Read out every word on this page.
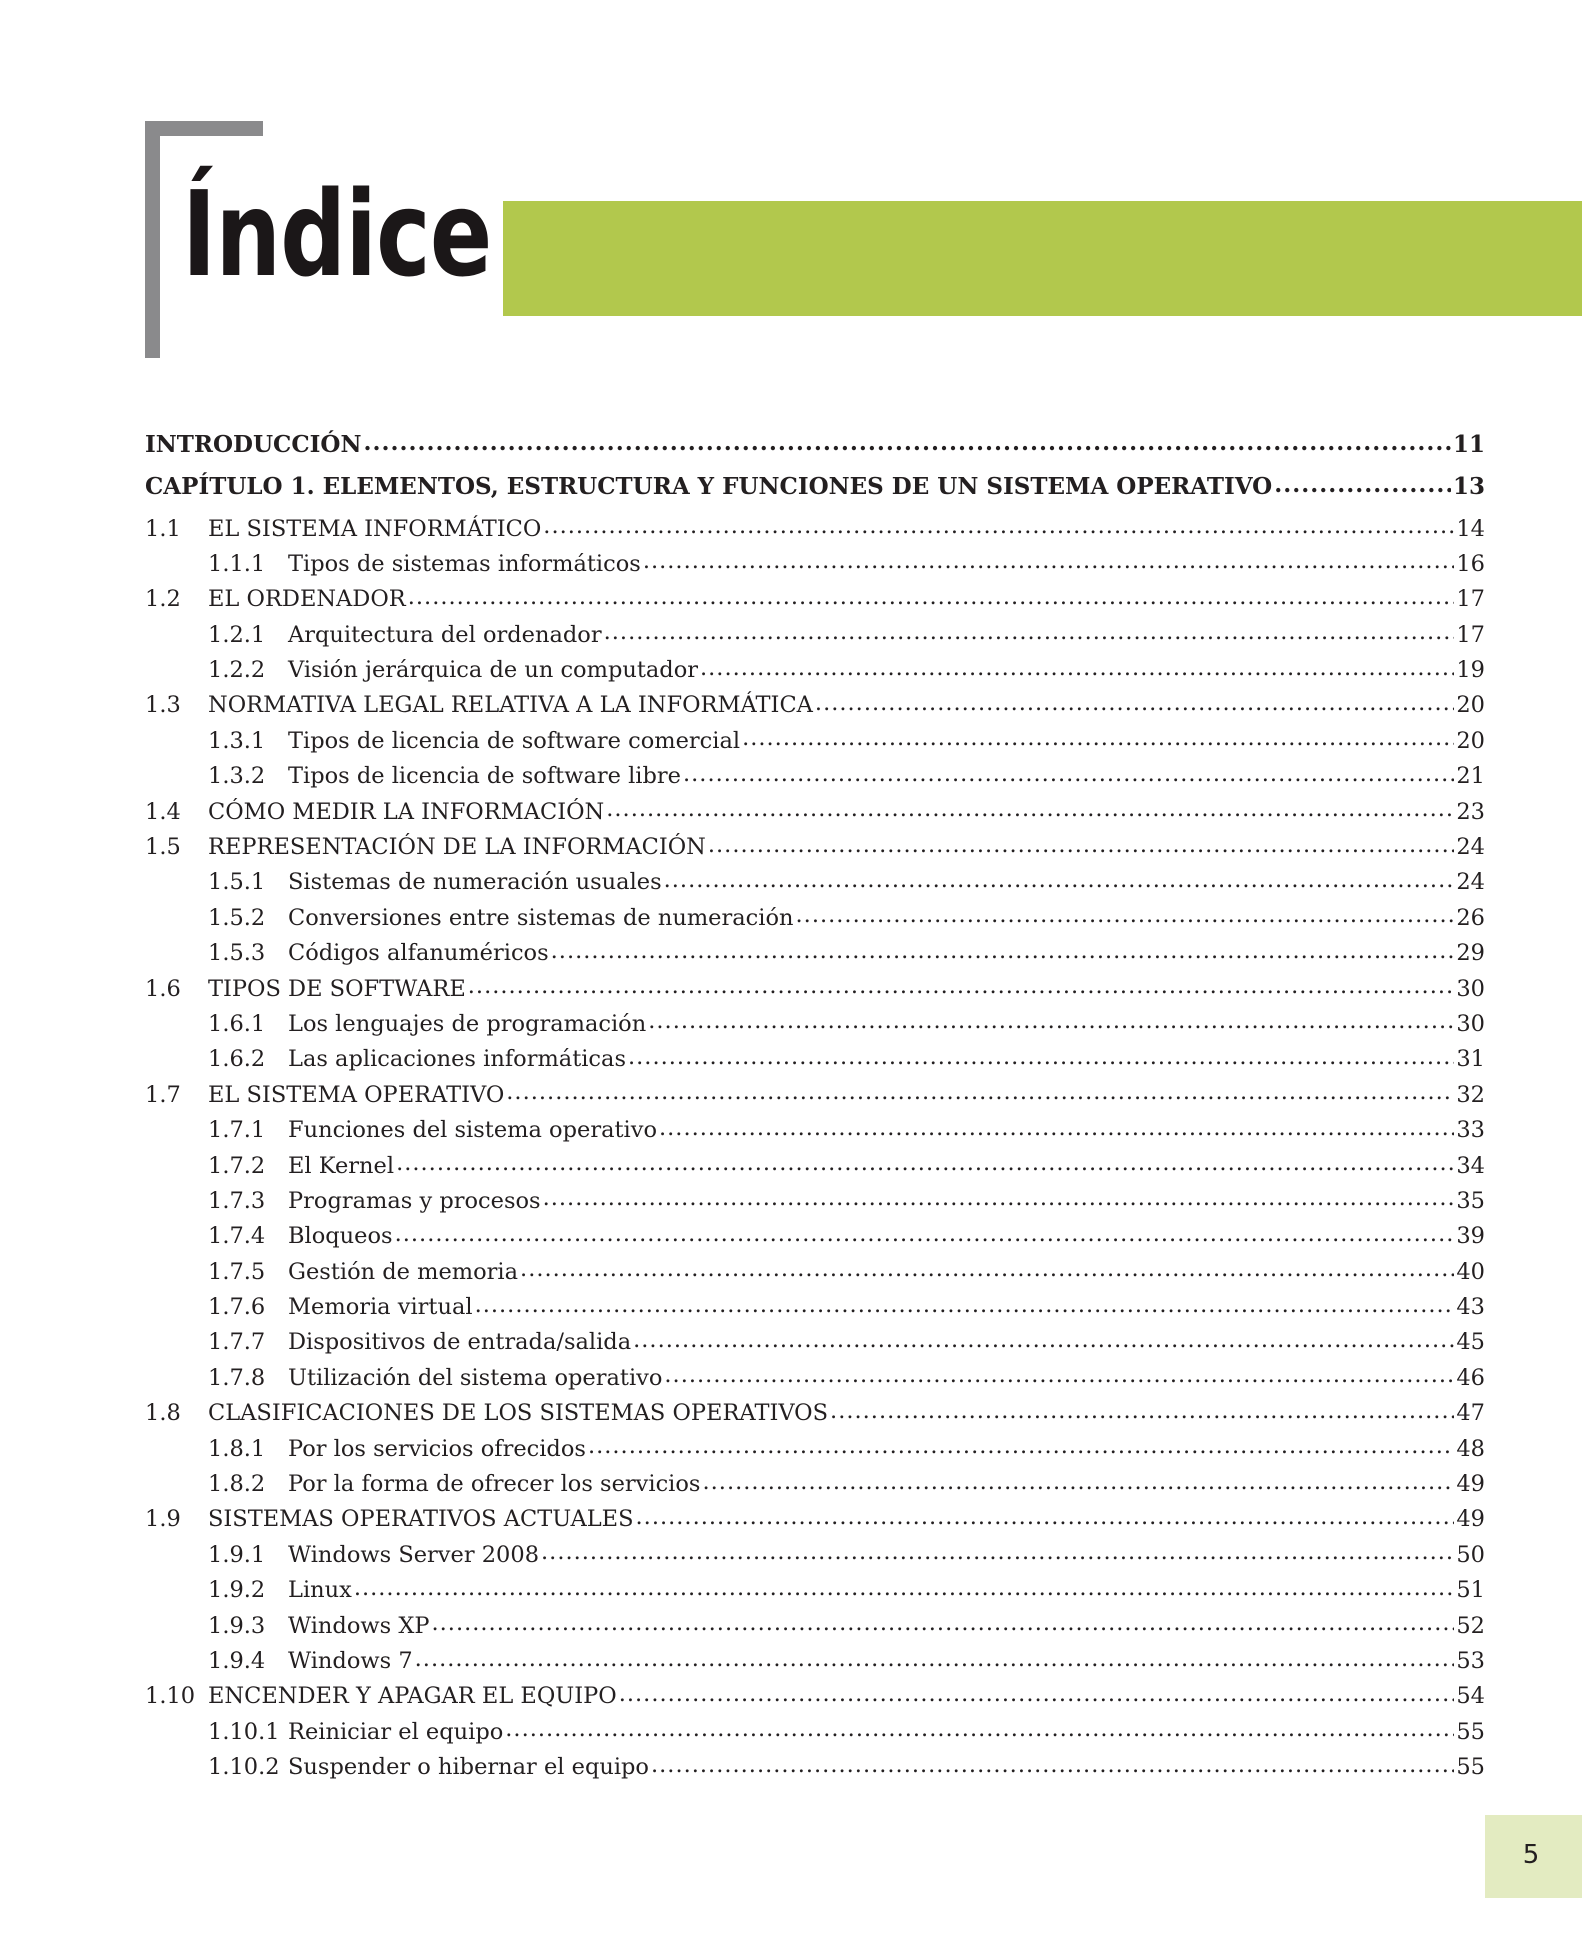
Índice
INTRODUCCIÓN .....	11
CAPÍTULO 1. ELEMENTOS, ESTRUCTURA Y FUNCIONES DE UN SISTEMA OPERATIVO .....	13
1.1	EL SISTEMA INFORMÁTICO .....	14
1.1.1	Tipos de sistemas informáticos .....	16
1.2	EL ORDENADOR .....	17
1.2.1	Arquitectura del ordenador .....	17
1.2.2	Visión jerárquica de un computador .....	19
1.3	NORMATIVA LEGAL RELATIVA A LA INFORMÁTICA .....	20
1.3.1	Tipos de licencia de software comercial .....	20
1.3.2	Tipos de licencia de software libre .....	21
1.4	CÓMO MEDIR LA INFORMACIÓN .....	23
1.5	REPRESENTACIÓN DE LA INFORMACIÓN .....	24
1.5.1	Sistemas de numeración usuales .....	24
1.5.2	Conversiones entre sistemas de numeración .....	26
1.5.3	Códigos alfanuméricos .....	29
1.6	TIPOS DE SOFTWARE .....	30
1.6.1	Los lenguajes de programación .....	30
1.6.2	Las aplicaciones informáticas .....	31
1.7	EL SISTEMA OPERATIVO .....	32
1.7.1	Funciones del sistema operativo .....	33
1.7.2	El Kernel .....	34
1.7.3	Programas y procesos .....	35
1.7.4	Bloqueos .....	39
1.7.5	Gestión de memoria .....	40
1.7.6	Memoria virtual .....	43
1.7.7	Dispositivos de entrada/salida .....	45
1.7.8	Utilización del sistema operativo .....	46
1.8	CLASIFICACIONES DE LOS SISTEMAS OPERATIVOS .....	47
1.8.1	Por los servicios ofrecidos .....	48
1.8.2	Por la forma de ofrecer los servicios .....	49
1.9	SISTEMAS OPERATIVOS ACTUALES .....	49
1.9.1	Windows Server 2008 .....	50
1.9.2	Linux .....	51
1.9.3	Windows XP .....	52
1.9.4	Windows 7 .....	53
1.10 ENCENDER Y APAGAR EL EQUIPO .....	54
1.10.1 Reiniciar el equipo .....	55
1.10.2 Suspender o hibernar el equipo .....	55
5
